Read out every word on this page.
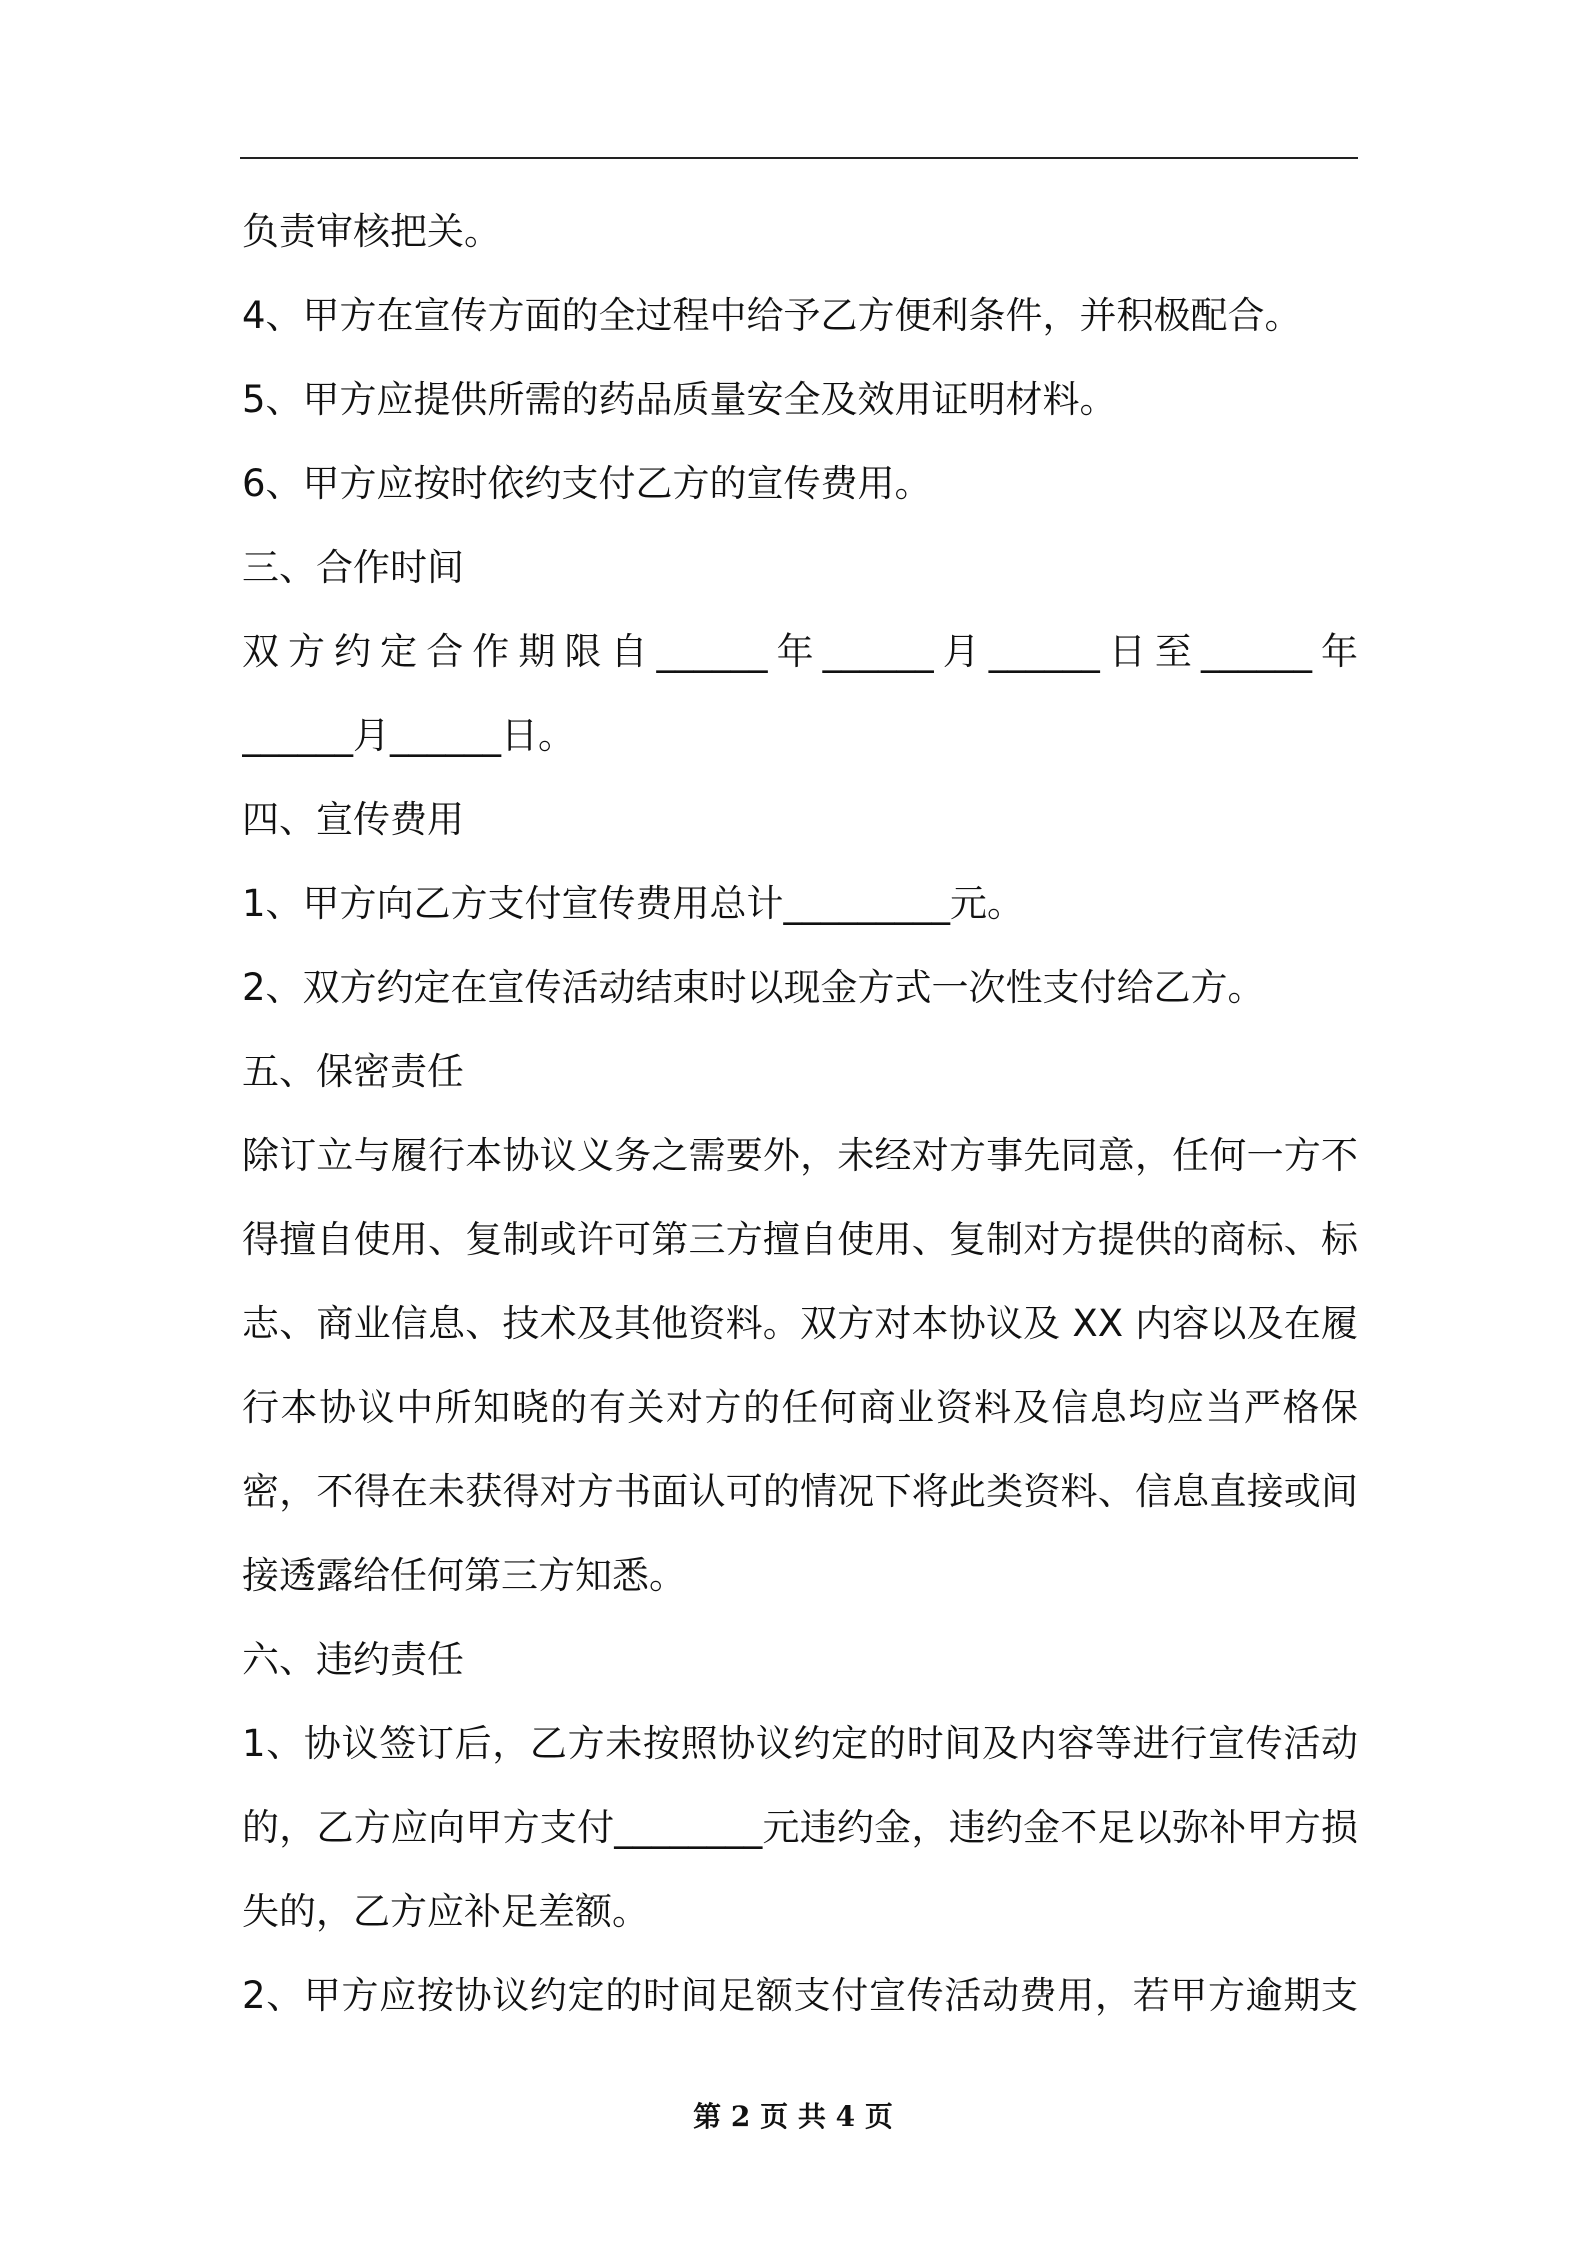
负责审核把关。
4、甲方在宣传方面的全过程中给予乙方便利条件，并积极配合。
5、甲方应提供所需的药品质量安全及效用证明材料。
6、甲方应按时依约支付乙方的宣传费用。
三、合作时间
双方约定合作期限自______年______月______日至______年
______月______日。
四、宣传费用
1、甲方向乙方支付宣传费用总计_________元。
2、双方约定在宣传活动结束时以现金方式一次性支付给乙方。
五、保密责任
除订立与履行本协议义务之需要外，未经对方事先同意，任何一方不
得擅自使用、复制或许可第三方擅自使用、复制对方提供的商标、标
志、商业信息、技术及其他资料。双方对本协议及 XX 内容以及在履
行本协议中所知晓的有关对方的任何商业资料及信息均应当严格保
密，不得在未获得对方书面认可的情况下将此类资料、信息直接或间
接透露给任何第三方知悉。
六、违约责任
1、协议签订后，乙方未按照协议约定的时间及内容等进行宣传活动
的，乙方应向甲方支付________元违约金，违约金不足以弥补甲方损
失的，乙方应补足差额。
2、甲方应按协议约定的时间足额支付宣传活动费用，若甲方逾期支
第 2 页 共 4 页
